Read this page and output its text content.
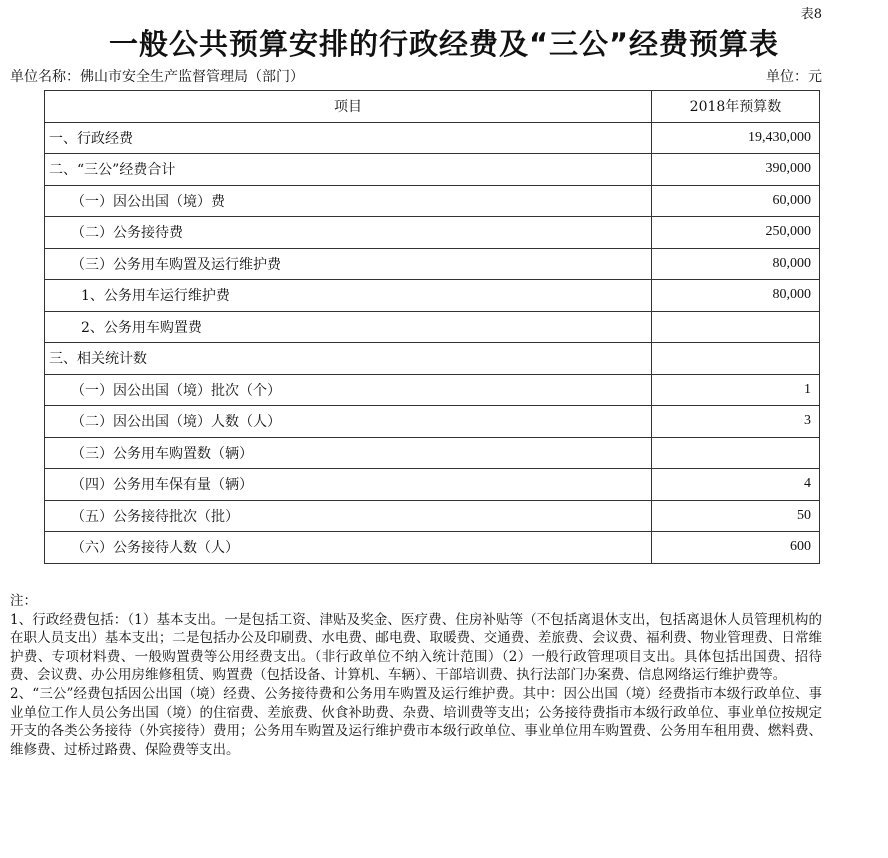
表8
一般公共预算安排的行政经费及“三公”经费预算表
单位名称：佛山市安全生产监督管理局（部门）	单位：元
项目	2018年预算数
一、行政经费	19,430,000
二、“三公”经费合计	390,000
（一）因公出国（境）费	60,000
（二）公务接待费	250,000
（三）公务用车购置及运行维护费	80,000
1、公务用车运行维护费	80,000
2、公务用车购置费	
三、相关统计数	
（一）因公出国（境）批次（个）	1
（二）因公出国（境）人数（人）	3
（三）公务用车购置数（辆）	
（四）公务用车保有量（辆）	4
（五）公务接待批次（批）	50
（六）公务接待人数（人）	600

注：

1、行政经费包括：（1）基本支出。一是包括工资、津贴及奖金、医疗费、住房补贴等（不包括离退休支出，包括离退休人员管理机构的在职人员支出）基本支出；二是包括办公及印刷费、水电费、邮电费、取暖费、交通费、差旅费、会议费、福利费、物业管理费、日常维护费、专项材料费、一般购置费等公用经费支出。（非行政单位不纳入统计范围）（2）一般行政管理项目支出。具体包括出国费、招待费、会议费、办公用房维修租赁、购置费（包括设备、计算机、车辆）、干部培训费、执行法部门办案费、信息网络运行维护费等。

2、“三公”经费包括因公出国（境）经费、公务接待费和公务用车购置及运行维护费。其中：因公出国（境）经费指市本级行政单位、事业单位工作人员公务出国（境）的住宿费、差旅费、伙食补助费、杂费、培训费等支出；公务接待费指市本级行政单位、事业单位按规定开支的各类公务接待（外宾接待）费用；公务用车购置及运行维护费市本级行政单位、事业单位用车购置费、公务用车租用费、燃料费、维修费、过桥过路费、保险费等支出。
